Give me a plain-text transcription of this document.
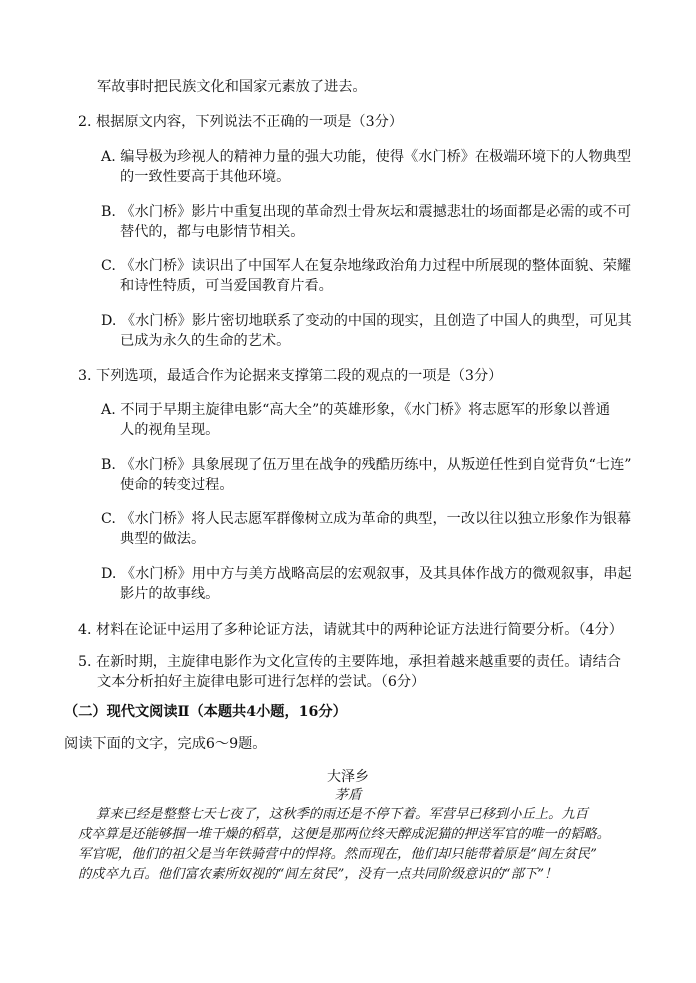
军故事时把民族文化和国家元素放了进去。
2. 根据原文内容，下列说法不正确的一项是（3分）
A. 编导极为珍视人的精神力量的强大功能，使得《水门桥》在极端环境下的人物典型
的一致性要高于其他环境。
B. 《水门桥》影片中重复出现的革命烈士骨灰坛和震撼悲壮的场面都是必需的或不可
替代的，都与电影情节相关。
C. 《水门桥》读识出了中国军人在复杂地缘政治角力过程中所展现的整体面貌、荣耀
和诗性特质，可当爱国教育片看。
D. 《水门桥》影片密切地联系了变动的中国的现实，且创造了中国人的典型，可见其
已成为永久的生命的艺术。
3. 下列选项，最适合作为论据来支撑第二段的观点的一项是（3分）
A. 不同于早期主旋律电影“高大全”的英雄形象，《水门桥》将志愿军的形象以普通
人的视角呈现。
B. 《水门桥》具象展现了伍万里在战争的残酷历练中，从叛逆任性到自觉背负“七连”
使命的转变过程。
C. 《水门桥》将人民志愿军群像树立成为革命的典型，一改以往以独立形象作为银幕
典型的做法。
D. 《水门桥》用中方与美方战略高层的宏观叙事，及其具体作战方的微观叙事，串起
影片的故事线。
4. 材料在论证中运用了多种论证方法，请就其中的两种论证方法进行简要分析。（4分）
5. 在新时期，主旋律电影作为文化宣传的主要阵地，承担着越来越重要的责任。请结合
文本分析拍好主旋律电影可进行怎样的尝试。（6分）
（二）现代文阅读Ⅱ（本题共4小题，16分）
阅读下面的文字，完成6～9题。
大泽乡
茅盾
算来已经是整整七天七夜了，这秋季的雨还是不停下着。军营早已移到小丘上。九百
戍卒算是还能够掴一堆干燥的稻草，这便是那两位终天醉成泥猫的押送军官的唯一的韬略。
军官呢，他们的祖父是当年铁骑营中的悍将。然而现在，他们却只能带着原是“闾左贫民”
的戍卒九百。他们富农素所奴视的“闾左贫民”，没有一点共同阶级意识的“部下”！
